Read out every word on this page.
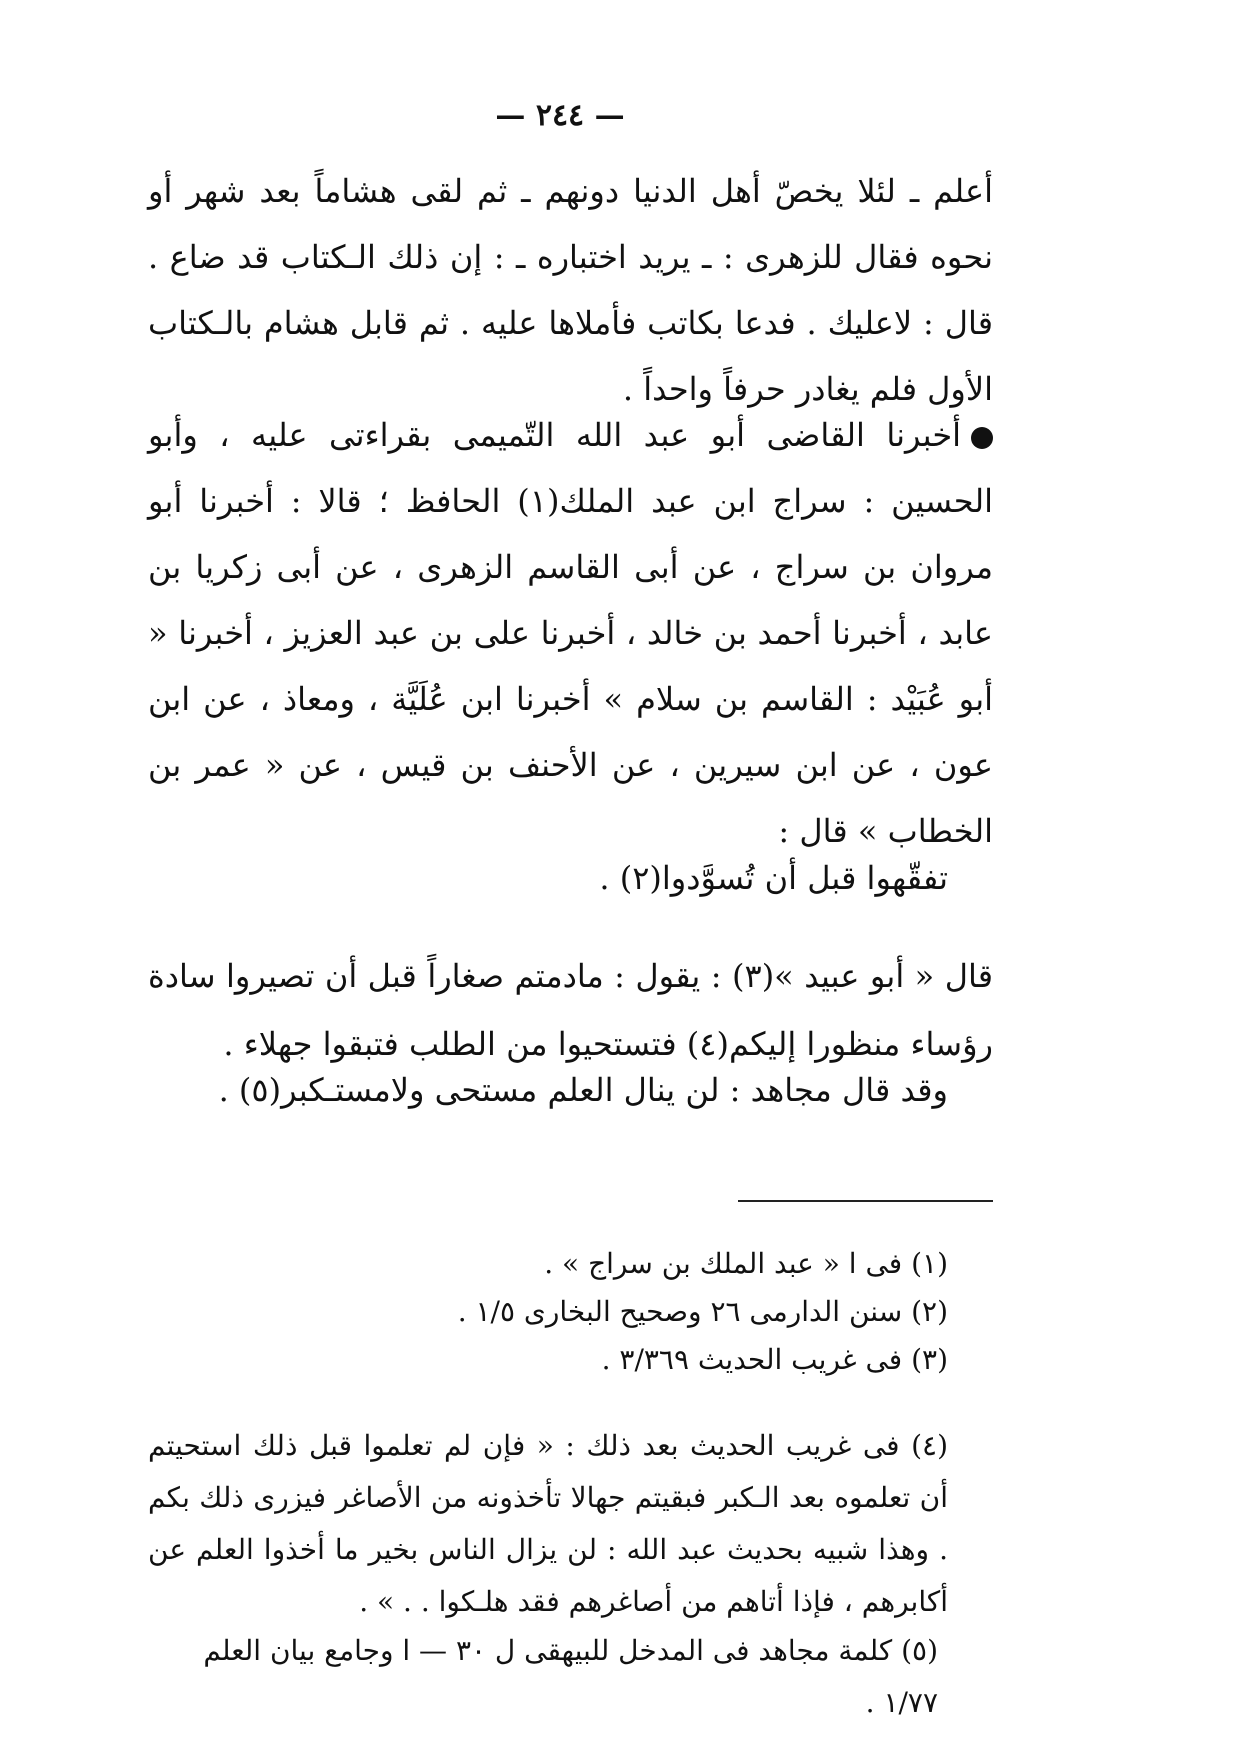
— ٢٤٤ —

أعلم ـ لئلا يخصّ أهل الدنيا دونهم ـ ثم لقى هشاماً بعد شهر أو نحوه فقال للزهرى : ـ يريد اختباره ـ : إن ذلك الـكتاب قد ضاع . قال : لاعليك . فدعا بكاتب فأملاها عليه . ثم قابل هشام بالـكتاب الأول فلم يغادر حرفاً واحداً .

أخبرنا القاضى أبو عبد الله التّميمى بقراءتى عليه ، وأبو الحسين : سراج ابن عبد الملك(١) الحافظ ؛ قالا : أخبرنا أبو مروان بن سراج ، عن أبى القاسم الزهرى ، عن أبى زكريا بن عابد ، أخبرنا أحمد بن خالد ، أخبرنا على بن عبد العزيز ، أخبرنا « أبو عُبَيْد : القاسم بن سلام » أخبرنا ابن عُلَيَّة ، ومعاذ ، عن ابن عون ، عن ابن سيرين ، عن الأحنف بن قيس ، عن « عمر بن الخطاب » قال :

تفقّهوا قبل أن تُسوَّدوا(٢) .

قال « أبو عبيد »(٣) : يقول : مادمتم صغاراً قبل أن تصيروا سادة رؤساء منظورا إليكم(٤) فتستحيوا من الطلب فتبقوا جهلاء .

وقد قال مجاهد : لن ينال العلم مستحى ولامستـكبر(٥) .

(١) فى ا « عبد الملك بن سراج » .

(٢) سنن الدارمى ٢٦ وصحيح البخارى ١/٥ .

(٣) فى غريب الحديث ٣/٣٦٩ .

(٤) فى غريب الحديث بعد ذلك : « فإن لم تعلموا قبل ذلك استحيتم أن تعلموه بعد الـكبر فبقيتم جهالا تأخذونه من الأصاغر فيزرى ذلك بكم . وهذا شبيه بحديث عبد الله : لن يزال الناس بخير ما أخذوا العلم عن أكابرهم ، فإذا أتاهم من أصاغرهم فقد هلـكوا . . » .

(٥) كلمة مجاهد فى المدخل للبيهقى ل ٣٠ — ا وجامع بيان العلم ١/٧٧ .
